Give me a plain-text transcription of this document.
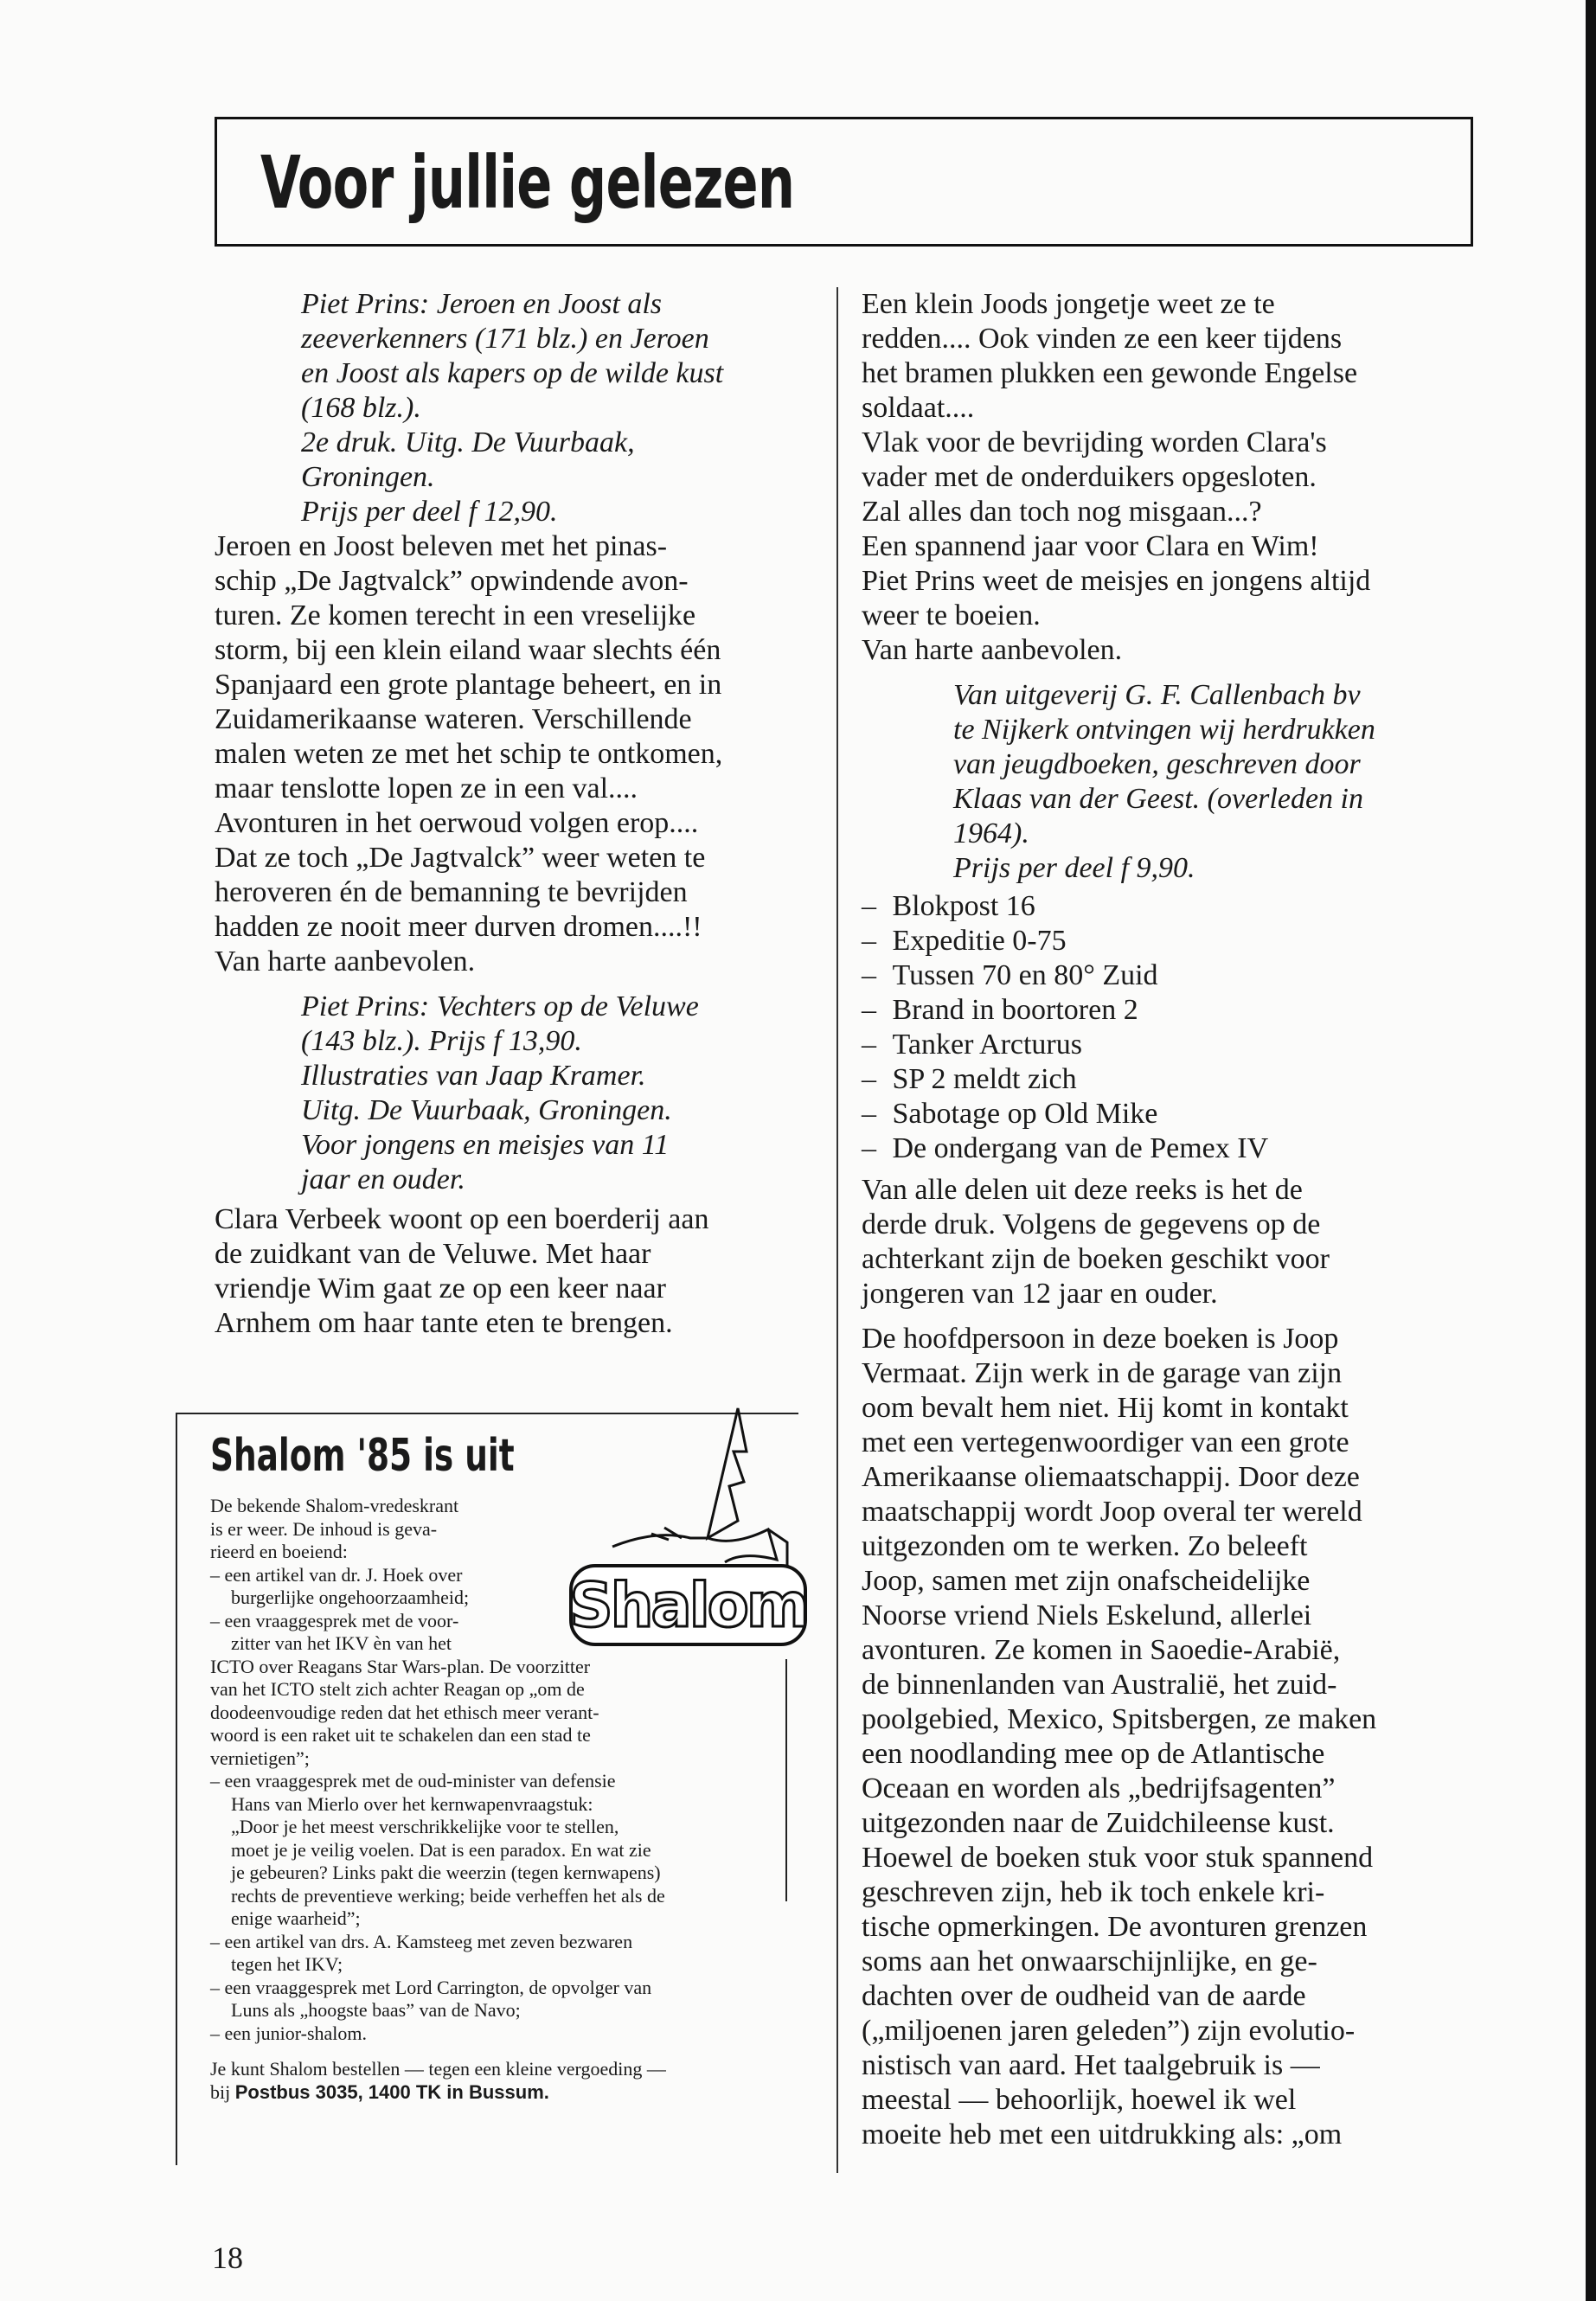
Voor jullie gelezen

Piet Prins: Jeroen en Joost als
zeeverkenners (171 blz.) en Jeroen
en Joost als kapers op de wilde kust
(168 blz.).
2e druk. Uitg. De Vuurbaak,
Groningen.
Prijs per deel f 12,90.

Jeroen en Joost beleven met het pinas-
schip „De Jagtvalck” opwindende avon-
turen. Ze komen terecht in een vreselijke
storm, bij een klein eiland waar slechts één
Spanjaard een grote plantage beheert, en in
Zuidamerikaanse wateren. Verschillende
malen weten ze met het schip te ontkomen,
maar tenslotte lopen ze in een val....
Avonturen in het oerwoud volgen erop....
Dat ze toch „De Jagtvalck” weer weten te
heroveren én de bemanning te bevrijden
hadden ze nooit meer durven dromen....!!
Van harte aanbevolen.

Piet Prins: Vechters op de Veluwe
(143 blz.). Prijs f 13,90.
Illustraties van Jaap Kramer.
Uitg. De Vuurbaak, Groningen.
Voor jongens en meisjes van 11
jaar en ouder.

Clara Verbeek woont op een boerderij aan
de zuidkant van de Veluwe. Met haar
vriendje Wim gaat ze op een keer naar
Arnhem om haar tante eten te brengen.

Shalom '85 is uit
Shalom

De bekende Shalom-vredeskrant
is er weer. De inhoud is geva-
rieerd en boeiend:

– een artikel van dr. J. Hoek over
burgerlijke ongehoorzaamheid;
– een vraaggesprek met de voor-
zitter van het IKV èn van het

ICTO over Reagans Star Wars-plan. De voorzitter
van het ICTO stelt zich achter Reagan op „om de
doodeenvoudige reden dat het ethisch meer verant-
woord is een raket uit te schakelen dan een stad te
vernietigen”;

– een vraaggesprek met de oud-minister van defensie
Hans van Mierlo over het kernwapenvraagstuk:
„Door je het meest verschrikkelijke voor te stellen,
moet je je veilig voelen. Dat is een paradox. En wat zie
je gebeuren? Links pakt die weerzin (tegen kernwapens)
rechts de preventieve werking; beide verheffen het als de
enige waarheid”;
– een artikel van drs. A. Kamsteeg met zeven bezwaren
tegen het IKV;
– een vraaggesprek met Lord Carrington, de opvolger van
Luns als „hoogste baas” van de Navo;
– een junior-shalom.
Je kunt Shalom bestellen — tegen een kleine vergoeding —
bij Postbus 3035, 1400 TK in Bussum.

Een klein Joods jongetje weet ze te
redden.... Ook vinden ze een keer tijdens
het bramen plukken een gewonde Engelse
soldaat....
Vlak voor de bevrijding worden Clara's
vader met de onderduikers opgesloten.
Zal alles dan toch nog misgaan...?
Een spannend jaar voor Clara en Wim!
Piet Prins weet de meisjes en jongens altijd
weer te boeien.
Van harte aanbevolen.

Van uitgeverij G. F. Callenbach bv
te Nijkerk ontvingen wij herdrukken
van jeugdboeken, geschreven door
Klaas van der Geest. (overleden in
1964).
Prijs per deel f 9,90.

– Blokpost 16
– Expeditie 0-75
– Tussen 70 en 80° Zuid
– Brand in boortoren 2
– Tanker Arcturus
– SP 2 meldt zich
– Sabotage op Old Mike
– De ondergang van de Pemex IV

Van alle delen uit deze reeks is het de
derde druk. Volgens de gegevens op de
achterkant zijn de boeken geschikt voor
jongeren van 12 jaar en ouder.

De hoofdpersoon in deze boeken is Joop
Vermaat. Zijn werk in de garage van zijn
oom bevalt hem niet. Hij komt in kontakt
met een vertegenwoordiger van een grote
Amerikaanse oliemaatschappij. Door deze
maatschappij wordt Joop overal ter wereld
uitgezonden om te werken. Zo beleeft
Joop, samen met zijn onafscheidelijke
Noorse vriend Niels Eskelund, allerlei
avonturen. Ze komen in Saoedie-Arabië,
de binnenlanden van Australië, het zuid-
poolgebied, Mexico, Spitsbergen, ze maken
een noodlanding mee op de Atlantische
Oceaan en worden als „bedrijfsagenten”
uitgezonden naar de Zuidchileense kust.
Hoewel de boeken stuk voor stuk spannend
geschreven zijn, heb ik toch enkele kri-
tische opmerkingen. De avonturen grenzen
soms aan het onwaarschijnlijke, en ge-
dachten over de oudheid van de aarde
(„miljoenen jaren geleden”) zijn evolutio-
nistisch van aard. Het taalgebruik is —
meestal — behoorlijk, hoewel ik wel
moeite heb met een uitdrukking als: „om

18
